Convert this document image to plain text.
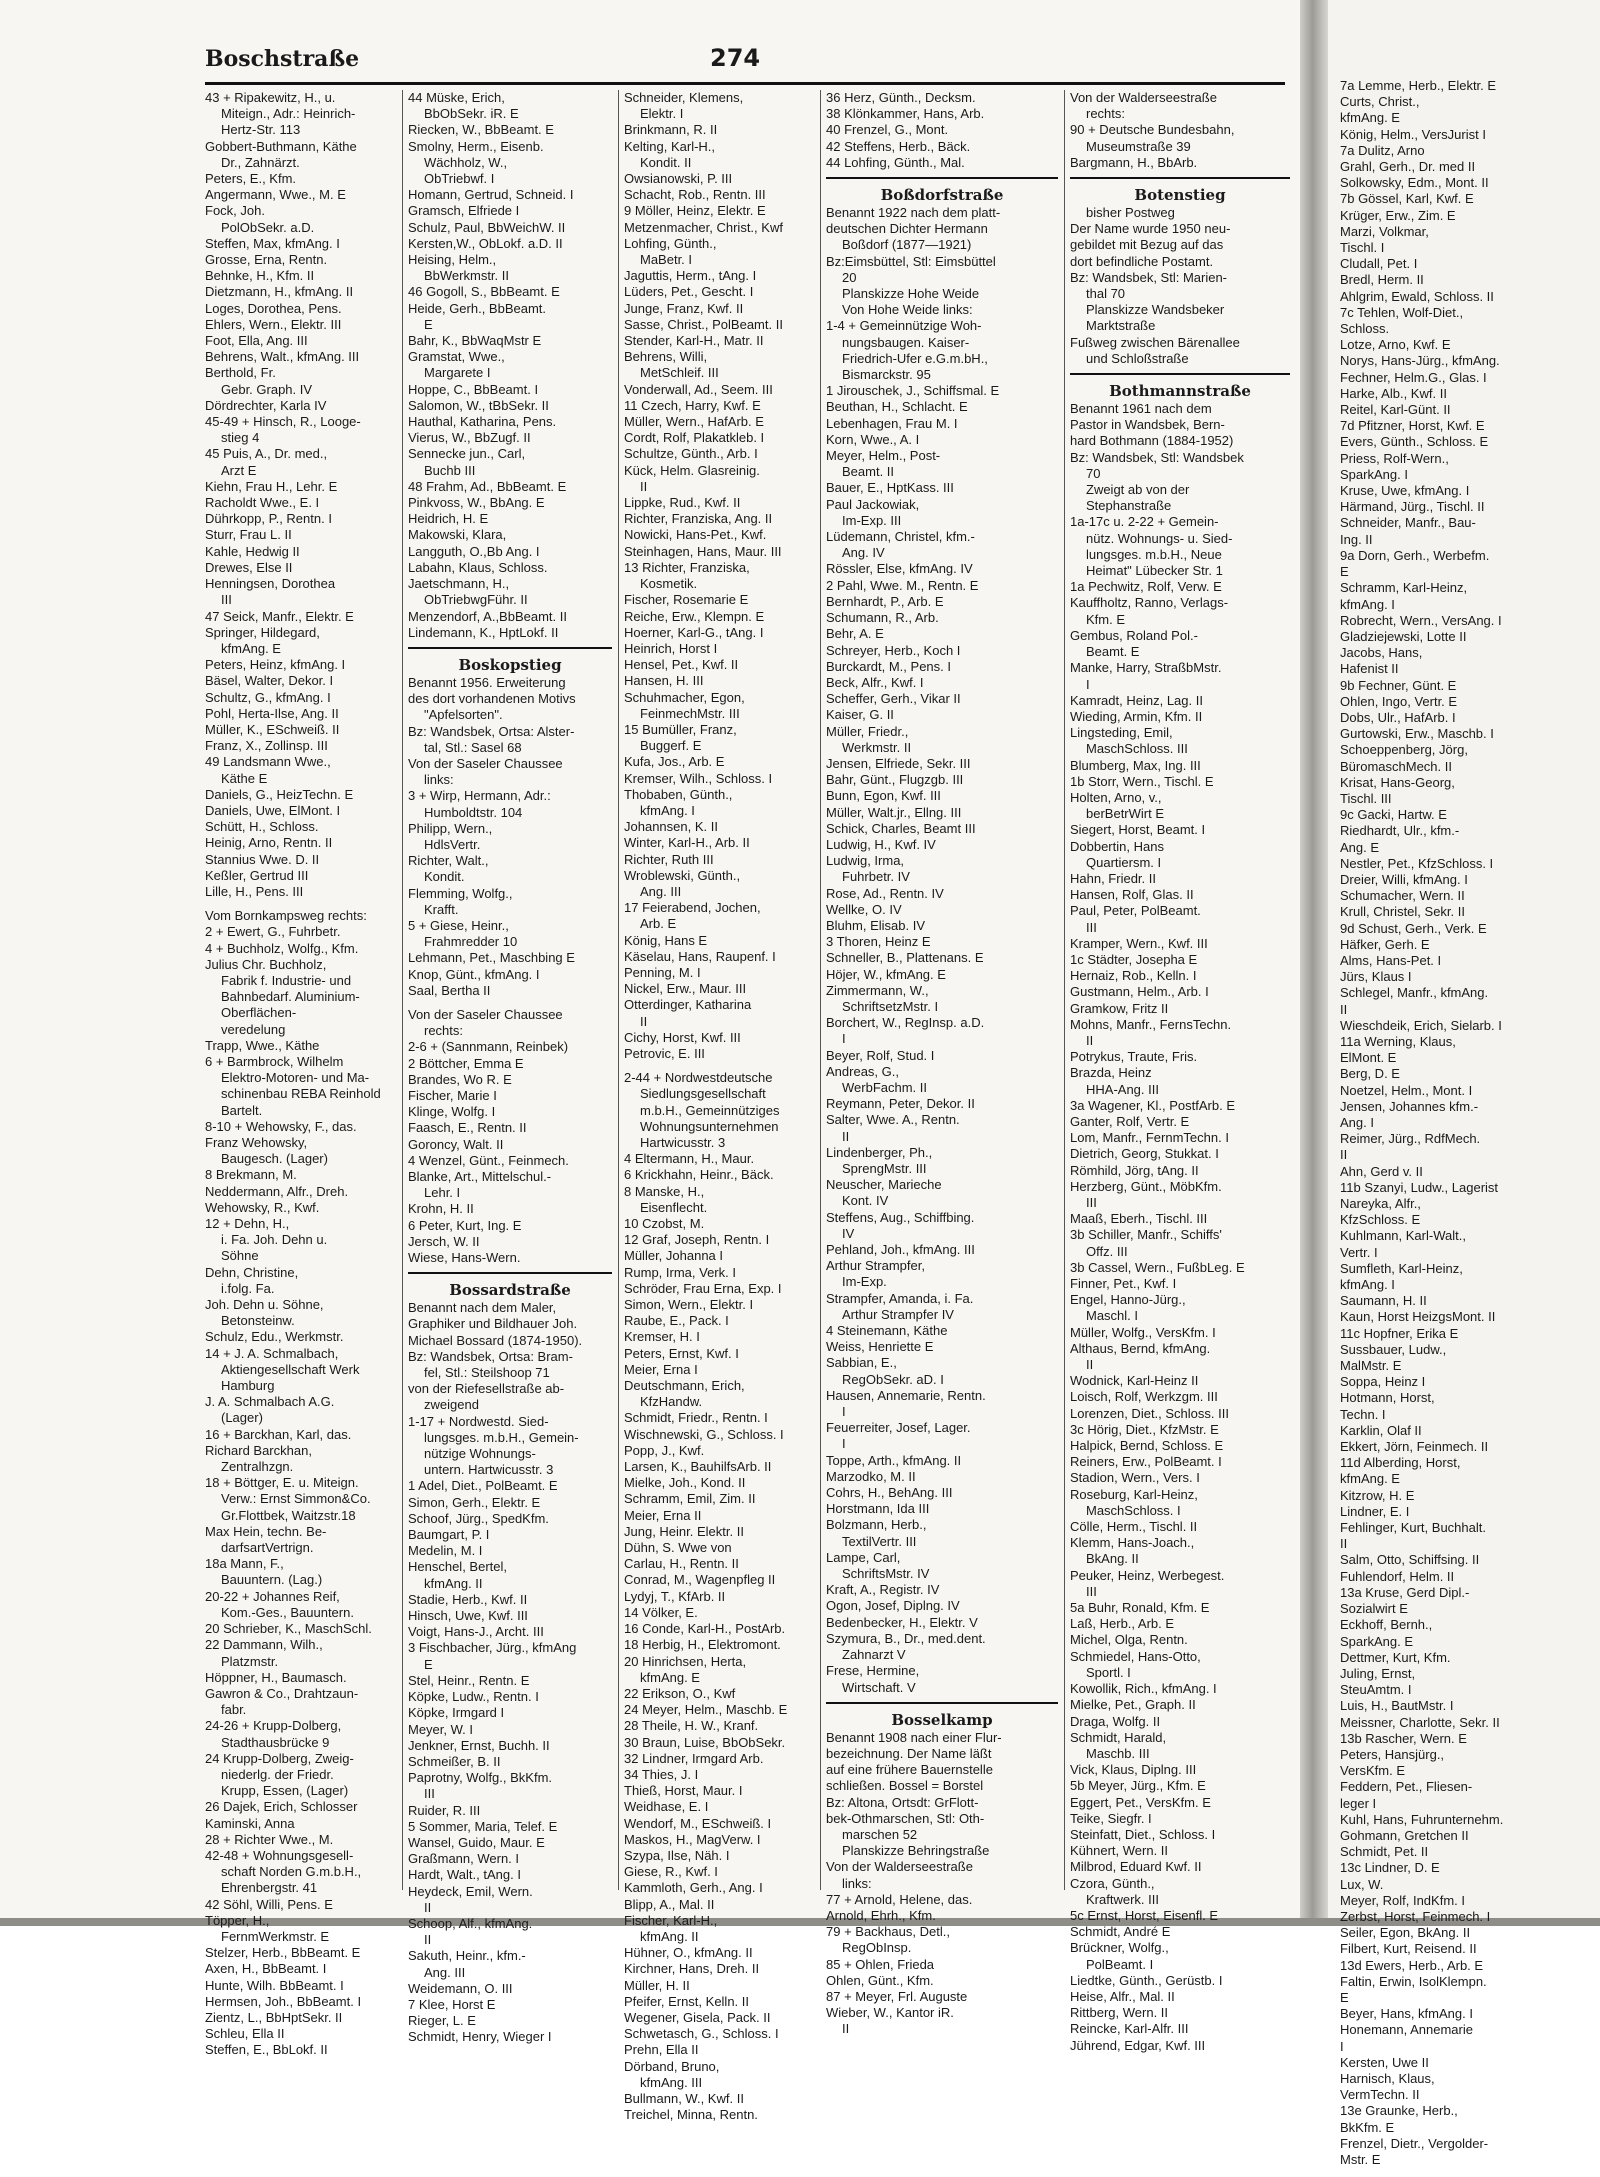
Boschstraße	274
43 + Ripakewitz, H., u.
Miteign., Adr.: Heinrich-
Hertz-Str. 113
Gobbert-Buthmann, Käthe
Dr., Zahnärzt.
Peters, E., Kfm.
Angermann, Wwe., M. E
Fock, Joh.
PolObSekr. a.D.
Steffen, Max, kfmAng. I
Grosse, Erna, Rentn.
Behnke, H., Kfm. II
Dietzmann, H., kfmAng. II
Loges, Dorothea, Pens.
Ehlers, Wern., Elektr. III
Foot, Ella, Ang. III
Behrens, Walt., kfmAng. III
Berthold, Fr.
Gebr. Graph. IV
Dördrechter, Karla IV
45-49 + Hinsch, R., Looge-
stieg 4
45 Puis, A., Dr. med.,
Arzt E
Kiehn, Frau H., Lehr. E
Racholdt Wwe., E. I
Dührkopp, P., Rentn. I
Sturr, Frau L. II
Kahle, Hedwig II
Drewes, Else II
Henningsen, Dorothea
III
47 Seick, Manfr., Elektr. E
Springer, Hildegard,
kfmAng. E
Peters, Heinz, kfmAng. I
Bäsel, Walter, Dekor. I
Schultz, G., kfmAng. I
Pohl, Herta-Ilse, Ang. II
Müller, K., ESchweiß. II
Franz, X., Zollinsp. III
49 Landsmann Wwe.,
Käthe E
Daniels, G., HeizTechn. E
Daniels, Uwe, ElMont. I
Schütt, H., Schloss.
Heinig, Arno, Rentn. II
Stannius Wwe. D. II
Keßler, Gertrud III
Lille, H., Pens. III
Vom Bornkampsweg rechts:
2 + Ewert, G., Fuhrbetr.
4 + Buchholz, Wolfg., Kfm.
Julius Chr. Buchholz,
Fabrik f. Industrie- und
Bahnbedarf. Aluminium-
Oberflächen-
veredelung
Trapp, Wwe., Käthe
6 + Barmbrock, Wilhelm
Elektro-Motoren- und Ma-
schinenbau REBA Reinhold
Bartelt.
8-10 + Wehowsky, F., das.
Franz Wehowsky,
Baugesch. (Lager)
8 Brekmann, M.
Neddermann, Alfr., Dreh.
Wehowsky, R., Kwf.
12 + Dehn, H.,
i. Fa. Joh. Dehn u.
Söhne
Dehn, Christine,
i.folg. Fa.
Joh. Dehn u. Söhne,
Betonsteinw.
Schulz, Edu., Werkmstr.
14 + J. A. Schmalbach,
Aktiengesellschaft Werk
Hamburg
J. A. Schmalbach A.G.
(Lager)
16 + Barckhan, Karl, das.
Richard Barckhan,
Zentralhzgn.
18 + Böttger, E. u. Miteign.
Verw.: Ernst Simmon&Co.
Gr.Flottbek, Waitzstr.18
Max Hein, techn. Be-
darfsartVertrign.
18a Mann, F.,
Bauuntern. (Lag.)
20-22 + Johannes Reif,
Kom.-Ges., Bauuntern.
20 Schrieber, K., MaschSchl.
22 Dammann, Wilh.,
Platzmstr.
Höppner, H., Baumasch.
Gawron & Co., Drahtzaun-
fabr.
24-26 + Krupp-Dolberg,
Stadthausbrücke 9
24 Krupp-Dolberg, Zweig-
niederlg. der Friedr.
Krupp, Essen, (Lager)
26 Dajek, Erich, Schlosser
Kaminski, Anna
28 + Richter Wwe., M.
42-48 + Wohnungsgesell-
schaft Norden G.m.b.H.,
Ehrenbergstr. 41
42 Söhl, Willi, Pens. E
Töpper, H.,
FernmWerkmstr. E
Stelzer, Herb., BbBeamt. E
Axen, H., BbBeamt. I
Hunte, Wilh. BbBeamt. I
Hermsen, Joh., BbBeamt. I
Zientz, L., BbHptSekr. II
Schleu, Ella II
Steffen, E., BbLokf. II
44 Müske, Erich,
BbObSekr. iR. E
Riecken, W., BbBeamt. E
Smolny, Herm., Eisenb.
Wächholz, W.,
ObTriebwf. I
Homann, Gertrud, Schneid. I
Gramsch, Elfriede I
Schulz, Paul, BbWeichW. II
Kersten,W., ObLokf. a.D. II
Heising, Helm.,
BbWerkmstr. II
46 Gogoll, S., BbBeamt. E
Heide, Gerh., BbBeamt.
E
Bahr, K., BbWaqMstr E
Gramstat, Wwe.,
Margarete I
Hoppe, C., BbBeamt. I
Salomon, W., tBbSekr. II
Hauthal, Katharina, Pens.
Vierus, W., BbZugf. II
Sennecke jun., Carl,
Buchb III
48 Frahm, Ad., BbBeamt. E
Pinkvoss, W., BbAng. E
Heidrich, H. E
Makowski, Klara,
Langguth, O.,Bb Ang. I
Labahn, Klaus, Schloss.
Jaetschmann, H.,
ObTriebwgFühr. II
Menzendorf, A.,BbBeamt. II
Lindemann, K., HptLokf. II
Boskopstieg
Benannt 1956. Erweiterung
des dort vorhandenen Motivs
"Apfelsorten".
Bz: Wandsbek, Ortsa: Alster-
tal, Stl.: Sasel 68
Von der Saseler Chaussee
links:
3 + Wirp, Hermann, Adr.:
Humboldtstr. 104
Philipp, Wern.,
HdlsVertr.
Richter, Walt.,
Kondit.
Flemming, Wolfg.,
Krafft.
5 + Giese, Heinr.,
Frahmredder 10
Lehmann, Pet., Maschbing E
Knop, Günt., kfmAng. I
Saal, Bertha II
Von der Saseler Chaussee
rechts:
2-6 + (Sannmann, Reinbek)
2 Böttcher, Emma E
Brandes, Wo R. E
Fischer, Marie I
Klinge, Wolfg. I
Faasch, E., Rentn. II
Goroncy, Walt. II
4 Wenzel, Günt., Feinmech.
Blanke, Art., Mittelschul.-
Lehr. I
Krohn, H. II
6 Peter, Kurt, Ing. E
Jersch, W. II
Wiese, Hans-Wern.
Bossardstraße
Benannt nach dem Maler,
Graphiker und Bildhauer Joh.
Michael Bossard (1874-1950).
Bz: Wandsbek, Ortsa: Bram-
fel, Stl.: Steilshoop 71
von der Riefesellstraße ab-
zweigend
1-17 + Nordwestd. Sied-
lungsges. m.b.H., Gemein-
nützige Wohnungs-
untern. Hartwicusstr. 3
1 Adel, Diet., PolBeamt. E
Simon, Gerh., Elektr. E
Schoof, Jürg., SpedKfm.
Baumgart, P. I
Medelin, M. I
Henschel, Bertel,
kfmAng. II
Stadie, Herb., Kwf. II
Hinsch, Uwe, Kwf. III
Voigt, Hans-J., Archt. III
3 Fischbacher, Jürg., kfmAng
E
Stel, Heinr., Rentn. E
Köpke, Ludw., Rentn. I
Köpke, Irmgard I
Meyer, W. I
Jenkner, Ernst, Buchh. II
Schmeißer, B. II
Paprotny, Wolfg., BkKfm.
III
Ruider, R. III
5 Sommer, Maria, Telef. E
Wansel, Guido, Maur. E
Graßmann, Wern. I
Hardt, Walt., tAng. I
Heydeck, Emil, Wern.
II
Schoop, Alf., kfmAng.
II
Sakuth, Heinr., kfm.-
Ang. III
Weidemann, O. III
7 Klee, Horst E
Rieger, L. E
Schmidt, Henry, Wieger I
Schneider, Klemens,
Elektr. I
Brinkmann, R. II
Kelting, Karl-H.,
Kondit. II
Owsianowski, P. III
Schacht, Rob., Rentn. III
9 Möller, Heinz, Elektr. E
Metzenmacher, Christ., Kwf
Lohfing, Günth.,
MaBetr. I
Jaguttis, Herm., tAng. I
Lüders, Pet., Gescht. I
Junge, Franz, Kwf. II
Sasse, Christ., PolBeamt. II
Stender, Karl-H., Matr. II
Behrens, Willi,
MetSchleif. III
Vonderwall, Ad., Seem. III
11 Czech, Harry, Kwf. E
Müller, Wern., HafArb. E
Cordt, Rolf, Plakatkleb. I
Schultze, Günth., Arb. I
Kück, Helm. Glasreinig.
II
Lippke, Rud., Kwf. II
Richter, Franziska, Ang. II
Nowicki, Hans-Pet., Kwf.
Steinhagen, Hans, Maur. III
13 Richter, Franziska,
Kosmetik.
Fischer, Rosemarie E
Reiche, Erw., Klempn. E
Hoerner, Karl-G., tAng. I
Heinrich, Horst I
Hensel, Pet., Kwf. II
Hansen, H. III
Schuhmacher, Egon,
FeinmechMstr. III
15 Bumüller, Franz,
Buggerf. E
Kufa, Jos., Arb. E
Kremser, Wilh., Schloss. I
Thobaben, Günth.,
kfmAng. I
Johannsen, K. II
Winter, Karl-H., Arb. II
Richter, Ruth III
Wroblewski, Günth.,
Ang. III
17 Feierabend, Jochen,
Arb. E
König, Hans E
Käselau, Hans, Raupenf. I
Penning, M. I
Nickel, Erw., Maur. III
Otterdinger, Katharina
II
Cichy, Horst, Kwf. III
Petrovic, E. III
2-44 + Nordwestdeutsche
Siedlungsgesellschaft
m.b.H., Gemeinnütziges
Wohnungsunternehmen
Hartwicusstr. 3
4 Eltermann, H., Maur.
6 Krickhahn, Heinr., Bäck.
8 Manske, H.,
Eisenflecht.
10 Czobst, M.
12 Graf, Joseph, Rentn. I
Müller, Johanna I
Rump, Irma, Verk. I
Schröder, Frau Erna, Exp. I
Simon, Wern., Elektr. I
Raube, E., Pack. I
Kremser, H. I
Peters, Ernst, Kwf. I
Meier, Erna I
Deutschmann, Erich,
KfzHandw.
Schmidt, Friedr., Rentn. I
Wischnewski, G., Schloss. I
Popp, J., Kwf.
Larsen, K., BauhilfsArb. II
Mielke, Joh., Kond. II
Schramm, Emil, Zim. II
Meier, Erna II
Jung, Heinr. Elektr. II
Dühn, S. Wwe von
Carlau, H., Rentn. II
Conrad, M., Wagenpfleg II
Lydyj, T., KfArb. II
14 Völker, E.
16 Conde, Karl-H., PostArb.
18 Herbig, H., Elektromont.
20 Hinrichsen, Herta,
kfmAng. E
22 Erikson, O., Kwf
24 Meyer, Helm., Maschb. E
28 Theile, H. W., Kranf.
30 Braun, Luise, BbObSekr.
32 Lindner, Irmgard Arb.
34 Thies, J. I
Thieß, Horst, Maur. I
Weidhase, E. I
Wendorf, M., ESchweiß. I
Maskos, H., MagVerw. I
Szypa, Ilse, Näh. I
Giese, R., Kwf. I
Kammloth, Gerh., Ang. I
Blipp, A., Mal. II
Fischer, Karl-H.,
kfmAng. II
Hühner, O., kfmAng. II
Kirchner, Hans, Dreh. II
Müller, H. II
Pfeifer, Ernst, Kelln. II
Wegener, Gisela, Pack. II
Schwetasch, G., Schloss. I
Prehn, Ella II
Dörband, Bruno,
kfmAng. III
Bullmann, W., Kwf. II
Treichel, Minna, Rentn.
36 Herz, Günth., Decksm.
38 Klönkammer, Hans, Arb.
40 Frenzel, G., Mont.
42 Steffens, Herb., Bäck.
44 Lohfing, Günth., Mal.
Boßdorfstraße
Benannt 1922 nach dem platt-
deutschen Dichter Hermann
Boßdorf (1877—1921)
Bz:Eimsbüttel, Stl: Eimsbüttel
20
Planskizze Hohe Weide
Von Hohe Weide links:
1-4 + Gemeinnützige Woh-
nungsbaugen. Kaiser-
Friedrich-Ufer e.G.m.bH.,
Bismarckstr. 95
1 Jirouschek, J., Schiffsmal. E
Beuthan, H., Schlacht. E
Lebenhagen, Frau M. I
Korn, Wwe., A. I
Meyer, Helm., Post-
Beamt. II
Bauer, E., HptKass. III
Paul Jackowiak,
Im-Exp. III
Lüdemann, Christel, kfm.-
Ang. IV
Rössler, Else, kfmAng. IV
2 Pahl, Wwe. M., Rentn. E
Bernhardt, P., Arb. E
Schumann, R., Arb.
Behr, A. E
Schreyer, Herb., Koch I
Burckardt, M., Pens. I
Beck, Alfr., Kwf. I
Scheffer, Gerh., Vikar II
Kaiser, G. II
Müller, Friedr.,
Werkmstr. II
Jensen, Elfriede, Sekr. III
Bahr, Günt., Flugzgb. III
Bunn, Egon, Kwf. III
Müller, Walt.jr., Ellng. III
Schick, Charles, Beamt III
Ludwig, H., Kwf. IV
Ludwig, Irma,
Fuhrbetr. IV
Rose, Ad., Rentn. IV
Wellke, O. IV
Bluhm, Elisab. IV
3 Thoren, Heinz E
Schneller, B., Plattenans. E
Höjer, W., kfmAng. E
Zimmermann, W.,
SchriftsetzMstr. I
Borchert, W., RegInsp. a.D.
I
Beyer, Rolf, Stud. I
Andreas, G.,
WerbFachm. II
Reymann, Peter, Dekor. II
Salter, Wwe. A., Rentn.
II
Lindenberger, Ph.,
SprengMstr. III
Neuscher, Marieche
Kont. IV
Steffens, Aug., Schiffbing.
IV
Pehland, Joh., kfmAng. III
Arthur Strampfer,
Im-Exp.
Strampfer, Amanda, i. Fa.
Arthur Strampfer IV
4 Steinemann, Käthe
Weiss, Henriette E
Sabbian, E.,
RegObSekr. aD. I
Hausen, Annemarie, Rentn.
I
Feuerreiter, Josef, Lager.
I
Toppe, Arth., kfmAng. II
Marzodko, M. II
Cohrs, H., BehAng. III
Horstmann, Ida III
Bolzmann, Herb.,
TextilVertr. III
Lampe, Carl,
SchriftsMstr. IV
Kraft, A., Registr. IV
Ogon, Josef, Diplng. IV
Bedenbecker, H., Elektr. V
Szymura, B., Dr., med.dent.
Zahnarzt V
Frese, Hermine,
Wirtschaft. V
Bosselkamp
Benannt 1908 nach einer Flur-
bezeichnung. Der Name läßt
auf eine frühere Bauernstelle
schließen. Bossel = Borstel
Bz: Altona, Ortsdt: GrFlott-
bek-Othmarschen, Stl: Oth-
marschen 52
Planskizze Behringstraße
Von der Walderseestraße
links:
77 + Arnold, Helene, das.
Arnold, Ehrh., Kfm.
79 + Backhaus, Detl.,
RegObInsp.
85 + Ohlen, Frieda
Ohlen, Günt., Kfm.
87 + Meyer, Frl. Auguste
Wieber, W., Kantor iR.
II
Von der Walderseestraße
rechts:
90 + Deutsche Bundesbahn,
Museumstraße 39
Bargmann, H., BbArb.
Botenstieg
bisher Postweg
Der Name wurde 1950 neu-
gebildet mit Bezug auf das
dort befindliche Postamt.
Bz: Wandsbek, Stl: Marien-
thal 70
Planskizze Wandsbeker
Marktstraße
Fußweg zwischen Bärenallee
und Schloßstraße
Bothmannstraße
Benannt 1961 nach dem
Pastor in Wandsbek, Bern-
hard Bothmann (1884-1952)
Bz: Wandsbek, Stl: Wandsbek
70
Zweigt ab von der
Stephanstraße
1a-17c u. 2-22 + Gemein-
nütz. Wohnungs- u. Sied-
lungsges. m.b.H., Neue
Heimat" Lübecker Str. 1
1a Pechwitz, Rolf, Verw. E
Kauffholtz, Ranno, Verlags-
Kfm. E
Gembus, Roland Pol.-
Beamt. E
Manke, Harry, StraßbMstr.
I
Kamradt, Heinz, Lag. II
Wieding, Armin, Kfm. II
Lingsteding, Emil,
MaschSchloss. III
Blumberg, Max, Ing. III
1b Storr, Wern., Tischl. E
Holten, Arno, v.,
berBetrWirt E
Siegert, Horst, Beamt. I
Dobbertin, Hans
Quartiersm. I
Hahn, Friedr. II
Hansen, Rolf, Glas. II
Paul, Peter, PolBeamt.
III
Kramper, Wern., Kwf. III
1c Städter, Josepha E
Hernaiz, Rob., Kelln. I
Gustmann, Helm., Arb. I
Gramkow, Fritz II
Mohns, Manfr., FernsTechn.
II
Potrykus, Traute, Fris.
Brazda, Heinz
HHA-Ang. III
3a Wagener, Kl., PostfArb. E
Ganter, Rolf, Vertr. E
Lom, Manfr., FernmTechn. I
Dietrich, Georg, Stukkat. I
Römhild, Jörg, tAng. II
Herzberg, Günt., MöbKfm.
III
Maaß, Eberh., Tischl. III
3b Schiller, Manfr., Schiffs'
Offz. III
3b Cassel, Wern., FußbLeg. E
Finner, Pet., Kwf. I
Engel, Hanno-Jürg.,
Maschl. I
Müller, Wolfg., VersKfm. I
Althaus, Bernd, kfmAng.
II
Wodnick, Karl-Heinz II
Loisch, Rolf, Werkzgm. III
Lorenzen, Diet., Schloss. III
3c Hörig, Diet., KfzMstr. E
Halpick, Bernd, Schloss. E
Reiners, Erw., PolBeamt. I
Stadion, Wern., Vers. I
Roseburg, Karl-Heinz,
MaschSchloss. I
Cölle, Herm., Tischl. II
Klemm, Hans-Joach.,
BkAng. II
Peuker, Heinz, Werbegest.
III
5a Buhr, Ronald, Kfm. E
Laß, Herb., Arb. E
Michel, Olga, Rentn.
Schmiedel, Hans-Otto,
Sportl. I
Kowollik, Rich., kfmAng. I
Mielke, Pet., Graph. II
Draga, Wolfg. II
Schmidt, Harald,
Maschb. III
Vick, Klaus, Diplng. III
5b Meyer, Jürg., Kfm. E
Eggert, Pet., VersKfm. E
Teike, Siegfr. I
Steinfatt, Diet., Schloss. I
Kühnert, Wern. II
Milbrod, Eduard Kwf. II
Czora, Günth.,
Kraftwerk. III
5c Ernst, Horst, Eisenfl. E
Schmidt, André E
Brückner, Wolfg.,
PolBeamt. I
Liedtke, Günth., Gerüstb. I
Heise, Alfr., Mal. II
Rittberg, Wern. II
Reincke, Karl-Alfr. III
Jührend, Edgar, Kwf. III
7a Lemme, Herb., Elektr. E
Curts, Christ.,
kfmAng. E
König, Helm., VersJurist I
7a Dulitz, Arno
Grahl, Gerh., Dr. med II
Solkowsky, Edm., Mont. II
7b Gössel, Karl, Kwf. E
Krüger, Erw., Zim. E
Marzi, Volkmar,
Tischl. I
Cludall, Pet. I
Bredl, Herm. II
Ahlgrim, Ewald, Schloss. II
7c Tehlen, Wolf-Diet.,
Schloss.
Lotze, Arno, Kwf. E
Norys, Hans-Jürg., kfmAng.
Fechner, Helm.G., Glas. I
Harke, Alb., Kwf. II
Reitel, Karl-Günt. II
7d Pfitzner, Horst, Kwf. E
Evers, Günth., Schloss. E
Priess, Rolf-Wern.,
SparkAng. I
Kruse, Uwe, kfmAng. I
Härmand, Jürg., Tischl. II
Schneider, Manfr., Bau-
Ing. II
9a Dorn, Gerh., Werbefm.
E
Schramm, Karl-Heinz,
kfmAng. I
Robrecht, Wern., VersAng. I
Gladziejewski, Lotte II
Jacobs, Hans,
Hafenist II
9b Fechner, Günt. E
Ohlen, Ingo, Vertr. E
Dobs, Ulr., HafArb. I
Gurtowski, Erw., Maschb. I
Schoeppenberg, Jörg,
BüromaschMech. II
Krisat, Hans-Georg,
Tischl. III
9c Gacki, Hartw. E
Riedhardt, Ulr., kfm.-
Ang. E
Nestler, Pet., KfzSchloss. I
Dreier, Willi, kfmAng. I
Schumacher, Wern. II
Krull, Christel, Sekr. II
9d Schust, Gerh., Verk. E
Häfker, Gerh. E
Alms, Hans-Pet. I
Jürs, Klaus I
Schlegel, Manfr., kfmAng.
II
Wieschdeik, Erich, Sielarb. I
11a Werning, Klaus,
ElMont. E
Berg, D. E
Noetzel, Helm., Mont. I
Jensen, Johannes kfm.-
Ang. I
Reimer, Jürg., RdfMech.
II
Ahn, Gerd v. II
11b Szanyi, Ludw., Lagerist
Nareyka, Alfr.,
KfzSchloss. E
Kuhlmann, Karl-Walt.,
Vertr. I
Sumfleth, Karl-Heinz,
kfmAng. I
Saumann, H. II
Kaun, Horst HeizgsMont. II
11c Hopfner, Erika E
Sussbauer, Ludw.,
MalMstr. E
Soppa, Heinz I
Hotmann, Horst,
Techn. I
Karklin, Olaf II
Ekkert, Jörn, Feinmech. II
11d Alberding, Horst,
kfmAng. E
Kitzrow, H. E
Lindner, E. I
Fehlinger, Kurt, Buchhalt.
II
Salm, Otto, Schiffsing. II
Fuhlendorf, Helm. II
13a Kruse, Gerd Dipl.-
Sozialwirt E
Eckhoff, Bernh.,
SparkAng. E
Dettmer, Kurt, Kfm.
Juling, Ernst,
SteuAmtm. I
Luis, H., BautMstr. I
Meissner, Charlotte, Sekr. II
13b Rascher, Wern. E
Peters, Hansjürg.,
VersKfm. E
Feddern, Pet., Fliesen-
leger I
Kuhl, Hans, Fuhrunternehm.
Gohmann, Gretchen II
Schmidt, Pet. II
13c Lindner, D. E
Lux, W.
Meyer, Rolf, IndKfm. I
Zerbst, Horst, Feinmech. I
Seiler, Egon, BkAng. II
Filbert, Kurt, Reisend. II
13d Ewers, Herb., Arb. E
Faltin, Erwin, IsolKlempn.
E
Beyer, Hans, kfmAng. I
Honemann, Annemarie
I
Kersten, Uwe II
Harnisch, Klaus,
VermTechn. II
13e Graunke, Herb.,
BkKfm. E
Frenzel, Dietr., Vergolder-
Mstr. E
